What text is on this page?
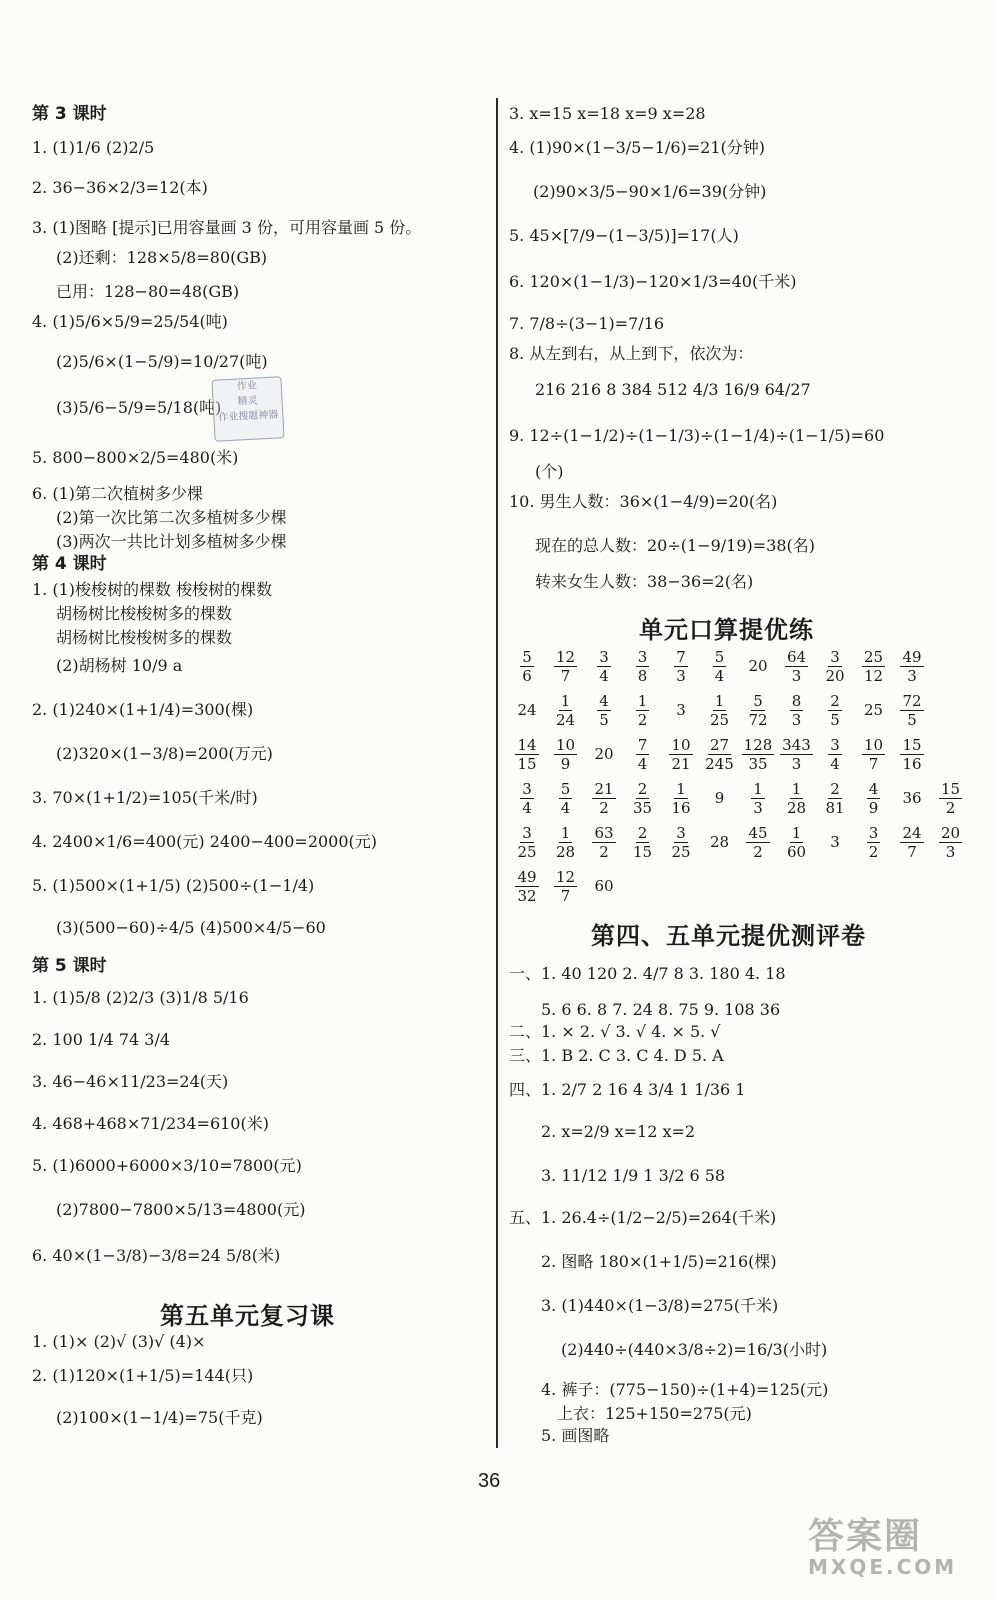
第 3 课时
1. (1)1/6 (2)2/5
2. 36−36×2/3=12(本)
3. (1)图略 [提示]已用容量画 3 份，可用容量画 5 份。
(2)还剩：128×5/8=80(GB)
已用：128−80=48(GB)
4. (1)5/6×5/9=25/54(吨)
(2)5/6×(1−5/9)=10/27(吨)
(3)5/6−5/9=5/18(吨)
5. 800−800×2/5=480(米)
6. (1)第二次植树多少棵
(2)第一次比第二次多植树多少棵
(3)两次一共比计划多植树多少棵
第 4 课时
1. (1)梭梭树的棵数 梭梭树的棵数
胡杨树比梭梭树多的棵数
胡杨树比梭梭树多的棵数
(2)胡杨树 10/9 a
2. (1)240×(1+1/4)=300(棵)
(2)320×(1−3/8)=200(万元)
3. 70×(1+1/2)=105(千米/时)
4. 2400×1/6=400(元) 2400−400=2000(元)
5. (1)500×(1+1/5) (2)500÷(1−1/4)
(3)(500−60)÷4/5 (4)500×4/5−60
第 5 课时
1. (1)5/8 (2)2/3 (3)1/8 5/16
2. 100 1/4 74 3/4
3. 46−46×11/23=24(天)
4. 468+468×71/234=610(米)
5. (1)6000+6000×3/10=7800(元)
(2)7800−7800×5/13=4800(元)
6. 40×(1−3/8)−3/8=24 5/8(米)
第五单元复习课
1. (1)× (2)√ (3)√ (4)×
2. (1)120×(1+1/5)=144(只)
(2)100×(1−1/4)=75(千克)
3. x=15 x=18 x=9 x=28
4. (1)90×(1−3/5−1/6)=21(分钟)
(2)90×3/5−90×1/6=39(分钟)
5. 45×[7/9−(1−3/5)]=17(人)
6. 120×(1−1/3)−120×1/3=40(千米)
7. 7/8÷(3−1)=7/16
8. 从左到右，从上到下，依次为：
216 216 8 384 512 4/3 16/9 64/27
9. 12÷(1−1/2)÷(1−1/3)÷(1−1/4)÷(1−1/5)=60
(个)
10. 男生人数：36×(1−4/9)=20(名)
现在的总人数：20÷(1−9/19)=38(名)
转来女生人数：38−36=2(名)
单元口算提优练
5
6
12
7
3
4
3
8
7
3
5
4
20
64
3
3
20
25
12
49
3
24
1
24
4
5
1
2
3
1
25
5
72
8
3
2
5
25
72
5
14
15
10
9
20
7
4
10
21
27
245
128
35
343
3
3
4
10
7
15
16
3
4
5
4
21
2
2
35
1
16
9
1
3
1
28
2
81
4
9
36
15
2
3
25
1
28
63
2
2
15
3
25
28
45
2
1
60
3
3
2
24
7
20
3
49
32
12
7
60
第四、五单元提优测评卷
一、1. 40 120 2. 4/7 8 3. 180 4. 18
5. 6 6. 8 7. 24 8. 75 9. 108 36
二、1. × 2. √ 3. √ 4. × 5. √
三、1. B 2. C 3. C 4. D 5. A
四、1. 2/7 2 16 4 3/4 1 1/36 1
2. x=2/9 x=12 x=2
3. 11/12 1/9 1 3/2 6 58
五、1. 26.4÷(1/2−2/5)=264(千米)
2. 图略 180×(1+1/5)=216(棵)
3. (1)440×(1−3/8)=275(千米)
(2)440÷(440×3/8÷2)=16/3(小时)
4. 裤子：(775−150)÷(1+4)=125(元)
上衣：125+150=275(元)
5. 画图略
作业
精灵
作业搜题神器
36
答案圈
MXQE.COM
